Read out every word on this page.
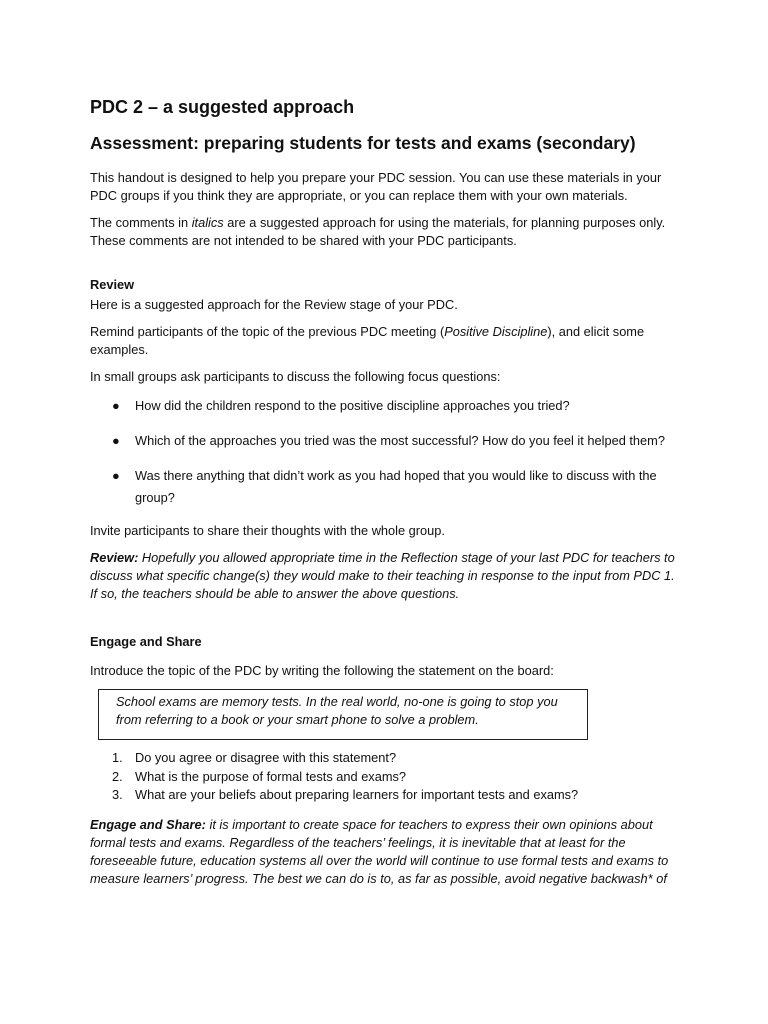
PDC 2 – a suggested approach
Assessment: preparing students for tests and exams (secondary)

This handout is designed to help you prepare your PDC session. You can use these materials in your PDC groups if you think they are appropriate, or you can replace them with your own materials.

The comments in italics are a suggested approach for using the materials, for planning purposes only. These comments are not intended to be shared with your PDC participants.

Review

Here is a suggested approach for the Review stage of your PDC.

Remind participants of the topic of the previous PDC meeting (Positive Discipline), and elicit some examples.

In small groups ask participants to discuss the following focus questions:

● How did the children respond to the positive discipline approaches you tried?
● Which of the approaches you tried was the most successful? How do you feel it helped them?
● Was there anything that didn’t work as you had hoped that you would like to discuss with the group?

Invite participants to share their thoughts with the whole group.

Review: Hopefully you allowed appropriate time in the Reflection stage of your last PDC for teachers to discuss what specific change(s) they would make to their teaching in response to the input from PDC 1. If so, the teachers should be able to answer the above questions.

Engage and Share

Introduce the topic of the PDC by writing the following the statement on the board:

School exams are memory tests. In the real world, no-one is going to stop you from referring to a book or your smart phone to solve a problem.
1. Do you agree or disagree with this statement?
2. What is the purpose of formal tests and exams?
3. What are your beliefs about preparing learners for important tests and exams?

Engage and Share: it is important to create space for teachers to express their own opinions about formal tests and exams. Regardless of the teachers’ feelings, it is inevitable that at least for the foreseeable future, education systems all over the world will continue to use formal tests and exams to measure learners’ progress. The best we can do is to, as far as possible, avoid negative backwash* of
